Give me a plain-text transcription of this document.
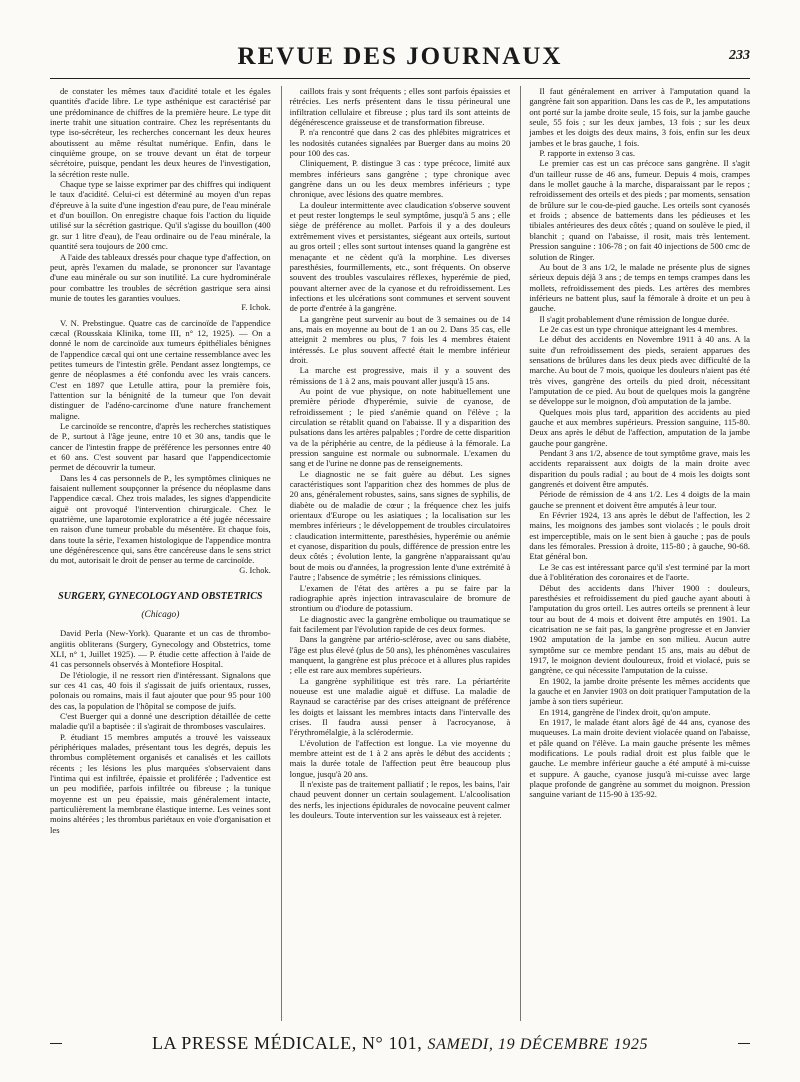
REVUE DES JOURNAUX	233

de constater les mêmes taux d'acidité totale et les égales quantités d'acide libre. Le type asthénique est caractérisé par une prédominance de chiffres de la première heure. Le type dit inerte trahit une situation contraire. Chez les représentants du type iso-sécréteur, les recherches concernant les deux heures aboutissent au même résultat numérique. Enfin, dans le cinquième groupe, on se trouve devant un état de torpeur sécrétoire, puisque, pendant les deux heures de l'investigation, la sécrétion reste nulle.

Chaque type se laisse exprimer par des chiffres qui indiquent le taux d'acidité. Celui-ci est déterminé au moyen d'un repas d'épreuve à la suite d'une ingestion d'eau pure, de l'eau minérale et d'un bouillon. On enregistre chaque fois l'action du liquide utilisé sur la sécrétion gastrique. Qu'il s'agisse du bouillon (400 gr. sur 1 litre d'eau), de l'eau ordinaire ou de l'eau minérale, la quantité sera toujours de 200 cmc.

A l'aide des tableaux dressés pour chaque type d'affection, on peut, après l'examen du malade, se prononcer sur l'avantage d'une eau minérale ou sur son inutilité. La cure hydrominérale pour combattre les troubles de sécrétion gastrique sera ainsi munie de toutes les garanties voulues.

F. Ichok.

V. N. Prebstingue. Quatre cas de carcinoïde de l'appendice cæcal (Rousskaia Klinika, tome III, n° 12, 1925). — On a donné le nom de carcinoïde aux tumeurs épithéliales bénignes de l'appendice cæcal qui ont une certaine ressemblance avec les petites tumeurs de l'intestin grêle. Pendant assez longtemps, ce genre de néoplasmes a été confondu avec les vrais cancers. C'est en 1897 que Letulle attira, pour la première fois, l'attention sur la bénignité de la tumeur que l'on devait distinguer de l'adéno-carcinome d'une nature franchement maligne.

Le carcinoïde se rencontre, d'après les recherches statistiques de P., surtout à l'âge jeune, entre 10 et 30 ans, tandis que le cancer de l'intestin frappe de préférence les personnes entre 40 et 60 ans. C'est souvent par hasard que l'appendicectomie permet de découvrir la tumeur.

Dans les 4 cas personnels de P., les symptômes cliniques ne faisaient nullement soupçonner la présence du néoplasme dans l'appendice cæcal. Chez trois malades, les signes d'appendicite aiguë ont provoqué l'intervention chirurgicale. Chez le quatrième, une laparotomie exploratrice a été jugée nécessaire en raison d'une tumeur probable du mésentère. Et chaque fois, dans toute la série, l'examen histologique de l'appendice montra une dégénérescence qui, sans être cancéreuse dans le sens strict du mot, autorisait le droit de penser au terme de carcinoïde.

G. Ichok.
SURGERY, GYNECOLOGY AND OBSTETRICS
(Chicago)

David Perla (New-York). Quarante et un cas de thrombo-angiitis obliterans (Surgery, Gynecology and Obstetrics, tome XLI, n° 1, Juillet 1925). — P. étudie cette affection à l'aide de 41 cas personnels observés à Montefiore Hospital.

De l'étiologie, il ne ressort rien d'intéressant. Signalons que sur ces 41 cas, 40 fois il s'agissait de juifs orientaux, russes, polonais ou romains, mais il faut ajouter que pour 95 pour 100 des cas, la population de l'hôpital se compose de juifs.

C'est Buerger qui a donné une description détaillée de cette maladie qu'il a baptisée : il s'agirait de thromboses vasculaires.

P. étudiant 15 membres amputés a trouvé les vaisseaux périphériques malades, présentant tous les degrés, depuis les thrombus complètement organisés et canalisés et les caillots récents ; les lésions les plus marquées s'observaient dans l'intima qui est infiltrée, épaissie et proliférée ; l'adventice est un peu modifiée, parfois infiltrée ou fibreuse ; la tunique moyenne est un peu épaissie, mais généralement intacte, particulièrement la membrane élastique interne. Les veines sont moins altérées ; les thrombus pariétaux en voie d'organisation et les

caillots frais y sont fréquents ; elles sont parfois épaissies et rétrécies. Les nerfs présentent dans le tissu périneural une infiltration cellulaire et fibreuse ; plus tard ils sont atteints de dégénérescence graisseuse et de transformation fibreuse.

P. n'a rencontré que dans 2 cas des phlébites migratrices et les nodosités cutanées signalées par Buerger dans au moins 20 pour 100 des cas.

Cliniquement, P. distingue 3 cas : type précoce, limité aux membres inférieurs sans gangrène ; type chronique avec gangrène dans un ou les deux membres inférieurs ; type chronique, avec lésions des quatre membres.

La douleur intermittente avec claudication s'observe souvent et peut rester longtemps le seul symptôme, jusqu'à 5 ans ; elle siège de préférence au mollet. Parfois il y a des douleurs extrêmement vives et persistantes, siégeant aux orteils, surtout au gros orteil ; elles sont surtout intenses quand la gangrène est menaçante et ne cèdent qu'à la morphine. Les diverses paresthésies, fourmillements, etc., sont fréquents. On observe souvent des troubles vasculaires réflexes, hyperémie de pied, pouvant alterner avec de la cyanose et du refroidissement. Les infections et les ulcérations sont communes et servent souvent de porte d'entrée à la gangrène.

La gangrène peut survenir au bout de 3 semaines ou de 14 ans, mais en moyenne au bout de 1 an ou 2. Dans 35 cas, elle atteignit 2 membres ou plus, 7 fois les 4 membres étaient intéressés. Le plus souvent affecté était le membre inférieur droit.

La marche est progressive, mais il y a souvent des rémissions de 1 à 2 ans, mais pouvant aller jusqu'à 15 ans.

Au point de vue physique, on note habituellement une première période d'hyperémie, suivie de cyanose, de refroidissement ; le pied s'anémie quand on l'élève ; la circulation se rétablit quand on l'abaisse. Il y a disparition des pulsations dans les artères palpables ; l'ordre de cette disparition va de la périphérie au centre, de la pédieuse à la fémorale. La pression sanguine est normale ou subnormale. L'examen du sang et de l'urine ne donne pas de renseignements.

Le diagnostic ne se fait guère au début. Les signes caractéristiques sont l'apparition chez des hommes de plus de 20 ans, généralement robustes, sains, sans signes de syphilis, de diabète ou de maladie de cœur ; la fréquence chez les juifs orientaux d'Europe ou les asiatiques ; la localisation sur les membres inférieurs ; le développement de troubles circulatoires : claudication intermittente, paresthésies, hyperémie ou anémie et cyanose, disparition du pouls, différence de pression entre les deux côtés ; évolution lente, la gangrène n'apparaissant qu'au bout de mois ou d'années, la progression lente d'une extrémité à l'autre ; l'absence de symétrie ; les rémissions cliniques.

L'examen de l'état des artères a pu se faire par la radiographie après injection intravasculaire de bromure de strontium ou d'iodure de potassium.

Le diagnostic avec la gangrène embolique ou traumatique se fait facilement par l'évolution rapide de ces deux formes.

Dans la gangrène par artério-sclérose, avec ou sans diabète, l'âge est plus élevé (plus de 50 ans), les phénomènes vasculaires manquent, la gangrène est plus précoce et à allures plus rapides ; elle est rare aux membres supérieurs.

La gangrène syphilitique est très rare. La périartérite noueuse est une maladie aiguë et diffuse. La maladie de Raynaud se caractérise par des crises atteignant de préférence les doigts et laissant les membres intacts dans l'intervalle des crises. Il faudra aussi penser à l'acrocyanose, à l'érythromélalgie, à la sclérodermie.

L'évolution de l'affection est longue. La vie moyenne du membre atteint est de 1 à 2 ans après le début des accidents ; mais la durée totale de l'affection peut être beaucoup plus longue, jusqu'à 20 ans.

Il n'existe pas de traitement palliatif ; le repos, les bains, l'air chaud peuvent donner un certain soulagement. L'alcoolisation des nerfs, les injections épidurales de novocaïne peuvent calmer les douleurs. Toute intervention sur les vaisseaux est à rejeter.

Il faut généralement en arriver à l'amputation quand la gangrène fait son apparition. Dans les cas de P., les amputations ont porté sur la jambe droite seule, 15 fois, sur la jambe gauche seule, 55 fois ; sur les deux jambes, 13 fois ; sur les deux jambes et les doigts des deux mains, 3 fois, enfin sur les deux jambes et le bras gauche, 1 fois.

P. rapporte in extenso 3 cas.

Le premier cas est un cas précoce sans gangrène. Il s'agit d'un tailleur russe de 46 ans, fumeur. Depuis 4 mois, crampes dans le mollet gauche à la marche, disparaissant par le repos ; refroidissement des orteils et des pieds ; par moments, sensation de brûlure sur le cou-de-pied gauche. Les orteils sont cyanosés et froids ; absence de battements dans les pédieuses et les tibiales antérieures des deux côtés ; quand on soulève le pied, il blanchit ; quand on l'abaisse, il rosit, mais très lentement. Pression sanguine : 106-78 ; on fait 40 injections de 500 cmc de solution de Ringer.

Au bout de 3 ans 1/2, le malade ne présente plus de signes sérieux depuis déjà 3 ans ; de temps en temps crampes dans les mollets, refroidissement des pieds. Les artères des membres inférieurs ne battent plus, sauf la fémorale à droite et un peu à gauche.

Il s'agit probablement d'une rémission de longue durée.

Le 2e cas est un type chronique atteignant les 4 membres.

Le début des accidents en Novembre 1911 à 40 ans. A la suite d'un refroidissement des pieds, seraient apparues des sensations de brûlures dans les deux pieds avec difficulté de la marche. Au bout de 7 mois, quoique les douleurs n'aient pas été très vives, gangrène des orteils du pied droit, nécessitant l'amputation de ce pied. Au bout de quelques mois la gangrène se développe sur le moignon, d'où amputation de la jambe.

Quelques mois plus tard, apparition des accidents au pied gauche et aux membres supérieurs. Pression sanguine, 115-80. Deux ans après le début de l'affection, amputation de la jambe gauche pour gangrène.

Pendant 3 ans 1/2, absence de tout symptôme grave, mais les accidents reparaissent aux doigts de la main droite avec disparition du pouls radial ; au bout de 4 mois les doigts sont gangrenés et doivent être amputés.

Période de rémission de 4 ans 1/2. Les 4 doigts de la main gauche se prennent et doivent être amputés à leur tour.

En Février 1924, 13 ans après le début de l'affection, les 2 mains, les moignons des jambes sont violacés ; le pouls droit est imperceptible, mais on le sent bien à gauche ; pas de pouls dans les fémorales. Pression à droite, 115-80 ; à gauche, 90-68. Etat général bon.

Le 3e cas est intéressant parce qu'il s'est terminé par la mort due à l'oblitération des coronaires et de l'aorte.

Début des accidents dans l'hiver 1900 : douleurs, paresthésies et refroidissement du pied gauche ayant abouti à l'amputation du gros orteil. Les autres orteils se prennent à leur tour au bout de 4 mois et doivent être amputés en 1901. La cicatrisation ne se fait pas, la gangrène progresse et en Janvier 1902 amputation de la jambe en son milieu. Aucun autre symptôme sur ce membre pendant 15 ans, mais au début de 1917, le moignon devient douloureux, froid et violacé, puis se gangrène, ce qui nécessite l'amputation de la cuisse.

En 1902, la jambe droite présente les mêmes accidents que la gauche et en Janvier 1903 on doit pratiquer l'amputation de la jambe à son tiers supérieur.

En 1914, gangrène de l'index droit, qu'on ampute.

En 1917, le malade étant alors âgé de 44 ans, cyanose des muqueuses. La main droite devient violacée quand on l'abaisse, et pâle quand on l'élève. La main gauche présente les mêmes modifications. Le pouls radial droit est plus faible que le gauche. Le membre inférieur gauche a été amputé à mi-cuisse et suppure. A gauche, cyanose jusqu'à mi-cuisse avec large plaque profonde de gangrène au sommet du moignon. Pression sanguine variant de 115-90 à 135-92.

LA PRESSE MÉDICALE, N° 101, SAMEDI, 19 DÉCEMBRE 1925
